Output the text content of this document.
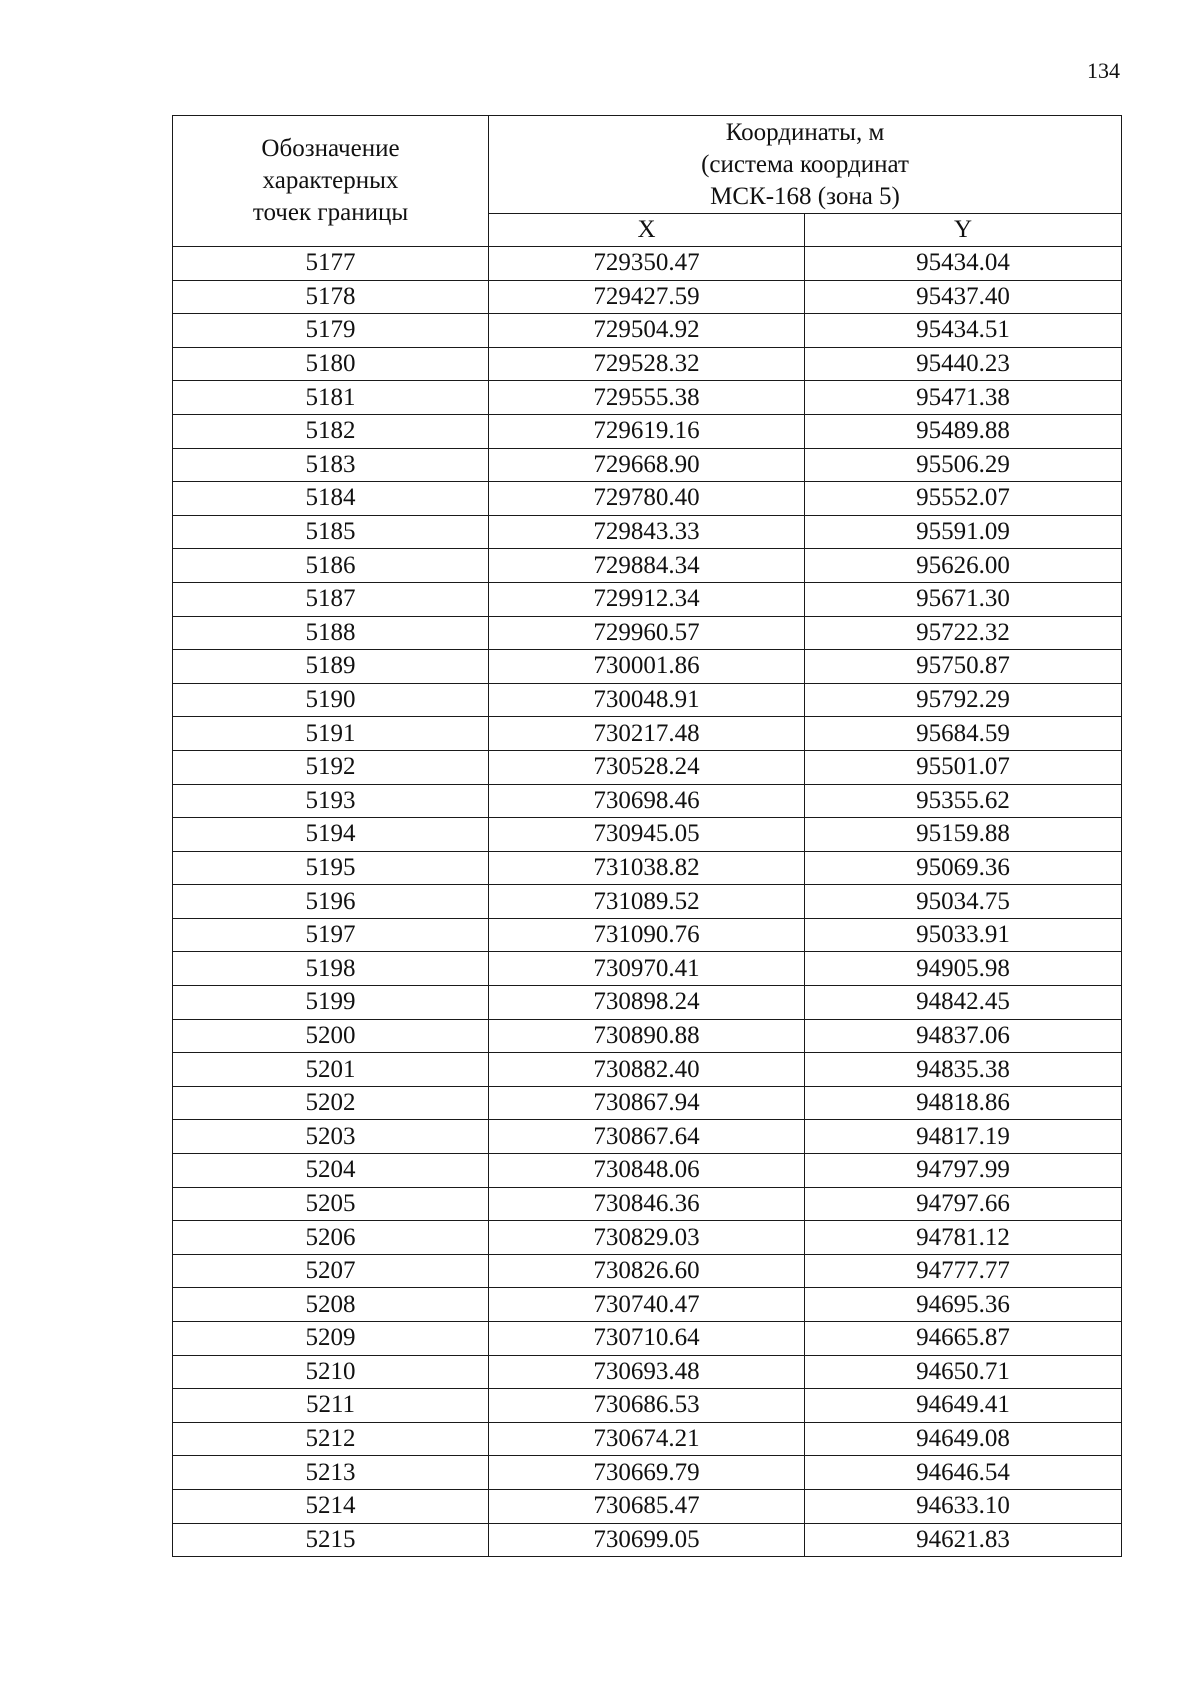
134
Обозначение
характерных
точек границы	Координаты, м
(система координат
МСК-168 (зона 5)	

	X	Y
5177	729350.47	95434.04
5178	729427.59	95437.40
5179	729504.92	95434.51
5180	729528.32	95440.23
5181	729555.38	95471.38
5182	729619.16	95489.88
5183	729668.90	95506.29
5184	729780.40	95552.07
5185	729843.33	95591.09
5186	729884.34	95626.00
5187	729912.34	95671.30
5188	729960.57	95722.32
5189	730001.86	95750.87
5190	730048.91	95792.29
5191	730217.48	95684.59
5192	730528.24	95501.07
5193	730698.46	95355.62
5194	730945.05	95159.88
5195	731038.82	95069.36
5196	731089.52	95034.75
5197	731090.76	95033.91
5198	730970.41	94905.98
5199	730898.24	94842.45
5200	730890.88	94837.06
5201	730882.40	94835.38
5202	730867.94	94818.86
5203	730867.64	94817.19
5204	730848.06	94797.99
5205	730846.36	94797.66
5206	730829.03	94781.12
5207	730826.60	94777.77
5208	730740.47	94695.36
5209	730710.64	94665.87
5210	730693.48	94650.71
5211	730686.53	94649.41
5212	730674.21	94649.08
5213	730669.79	94646.54
5214	730685.47	94633.10
5215	730699.05	94621.83
